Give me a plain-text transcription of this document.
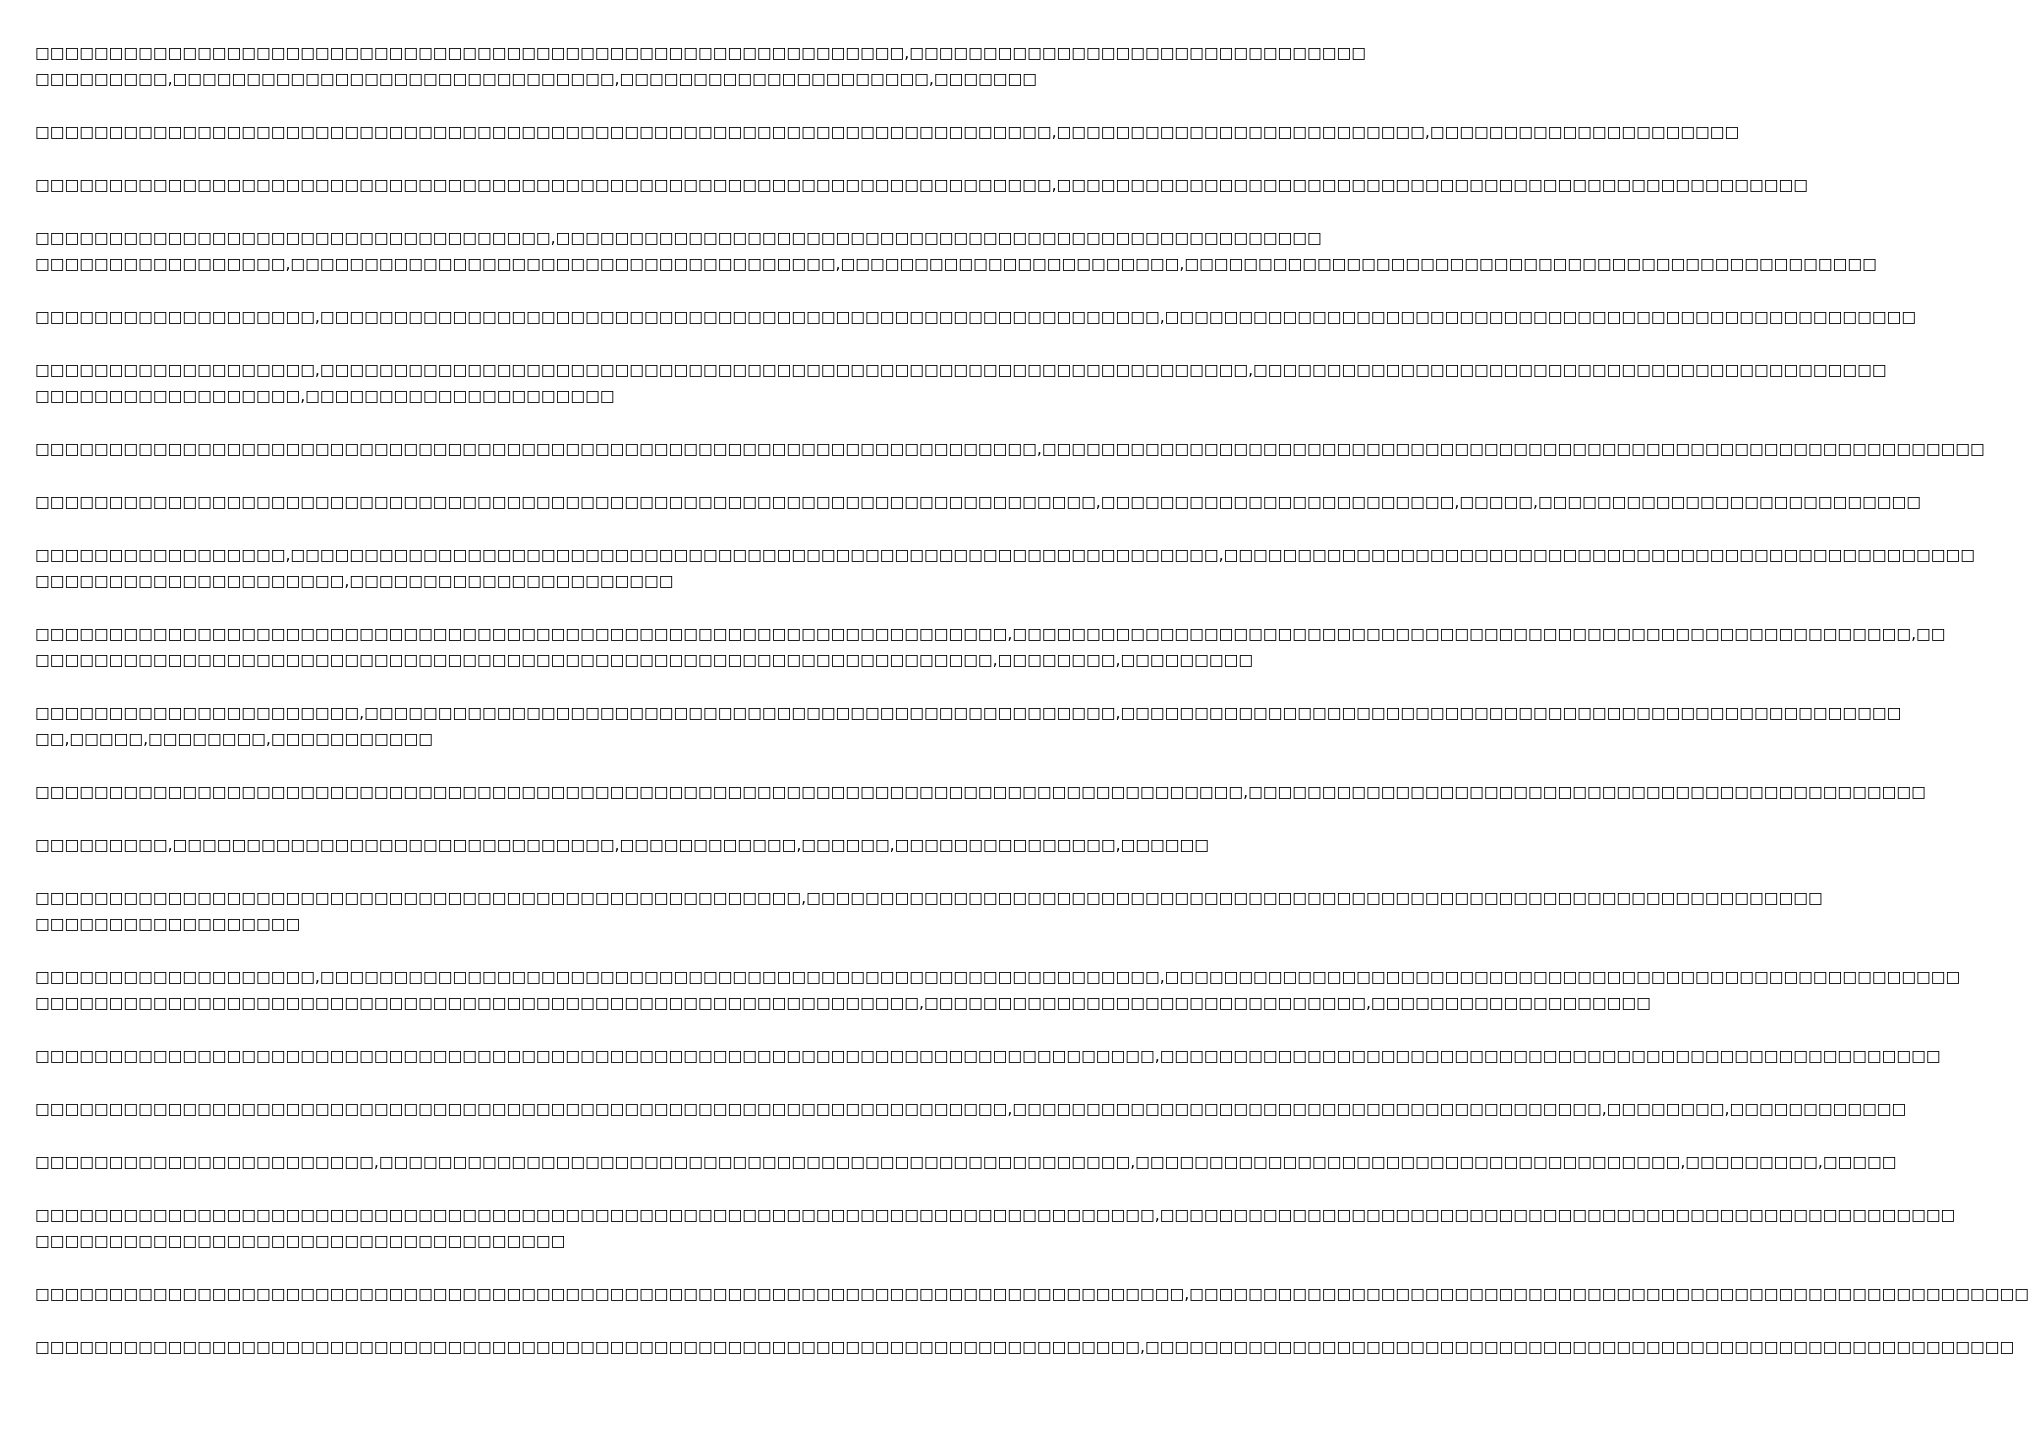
□□□□□□□□□□□□□□□□□□□□□□□□□□□□□□□□□□□□□□□□□□□□□□□□□□□□□□□□□□□,□□□□□□□□□□□□□□□□□□□□□□□□□□□□□□□
□□□□□□□□□,□□□□□□□□□□□□□□□□□□□□□□□□□□□□□□,□□□□□□□□□□□□□□□□□□□□□,□□□□□□□
□□□□□□□□□□□□□□□□□□□□□□□□□□□□□□□□□□□□□□□□□□□□□□□□□□□□□□□□□□□□□□□□□□□□□,□□□□□□□□□□□□□□□□□□□□□□□□□,□□□□□□□□□□□□□□□□□□□□□
□□□□□□□□□□□□□□□□□□□□□□□□□□□□□□□□□□□□□□□□□□□□□□□□□□□□□□□□□□□□□□□□□□□□□,□□□□□□□□□□□□□□□□□□□□□□□□□□□□□□□□□□□□□□□□□□□□□□□□□□□
□□□□□□□□□□□□□□□□□□□□□□□□□□□□□□□□□□□,□□□□□□□□□□□□□□□□□□□□□□□□□□□□□□□□□□□□□□□□□□□□□□□□□□□□
□□□□□□□□□□□□□□□□□,□□□□□□□□□□□□□□□□□□□□□□□□□□□□□□□□□□□□□,□□□□□□□□□□□□□□□□□□□□□□□,□□□□□□□□□□□□□□□□□□□□□□□□□□□□□□□□□□□□□□□□□□□□□□□
□□□□□□□□□□□□□□□□□□□,□□□□□□□□□□□□□□□□□□□□□□□□□□□□□□□□□□□□□□□□□□□□□□□□□□□□□□□□□,□□□□□□□□□□□□□□□□□□□□□□□□□□□□□□□□□□□□□□□□□□□□□□□□□□□
□□□□□□□□□□□□□□□□□□□,□□□□□□□□□□□□□□□□□□□□□□□□□□□□□□□□□□□□□□□□□□□□□□□□□□□□□□□□□□□□□□□,□□□□□□□□□□□□□□□□□□□□□□□□□□□□□□□□□□□□□□□□□□□
□□□□□□□□□□□□□□□□□□,□□□□□□□□□□□□□□□□□□□□□
□□□□□□□□□□□□□□□□□□□□□□□□□□□□□□□□□□□□□□□□□□□□□□□□□□□□□□□□□□□□□□□□□□□□,□□□□□□□□□□□□□□□□□□□□□□□□□□□□□□□□□□□□□□□□□□□□□□□□□□□□□□□□□□□□□□□□
□□□□□□□□□□□□□□□□□□□□□□□□□□□□□□□□□□□□□□□□□□□□□□□□□□□□□□□□□□□□□□□□□□□□□□□□,□□□□□□□□□□□□□□□□□□□□□□□□,□□□□□,□□□□□□□□□□□□□□□□□□□□□□□□□□
□□□□□□□□□□□□□□□□□,□□□□□□□□□□□□□□□□□□□□□□□□□□□□□□□□□□□□□□□□□□□□□□□□□□□□□□□□□□□□□□□,□□□□□□□□□□□□□□□□□□□□□□□□□□□□□□□□□□□□□□□□□□□□□□□□□□□
□□□□□□□□□□□□□□□□□□□□□,□□□□□□□□□□□□□□□□□□□□□□
□□□□□□□□□□□□□□□□□□□□□□□□□□□□□□□□□□□□□□□□□□□□□□□□□□□□□□□□□□□□□□□□□□,□□□□□□□□□□□□□□□□□□□□□□□□□□□□□□□□□□□□□□□□□□□□□□□□□□□□□□□□□□□□□,□□
□□□□□□□□□□□□□□□□□□□□□□□□□□□□□□□□□□□□□□□□□□□□□□□□□□□□□□□□□□□□□□□□□,□□□□□□□□,□□□□□□□□□
□□□□□□□□□□□□□□□□□□□□□□,□□□□□□□□□□□□□□□□□□□□□□□□□□□□□□□□□□□□□□□□□□□□□□□□□□□,□□□□□□□□□□□□□□□□□□□□□□□□□□□□□□□□□□□□□□□□□□□□□□□□□□□□□
□□,□□□□□,□□□□□□□□,□□□□□□□□□□□
□□□□□□□□□□□□□□□□□□□□□□□□□□□□□□□□□□□□□□□□□□□□□□□□□□□□□□□□□□□□□□□□□□□□□□□□□□□□□□□□□□,□□□□□□□□□□□□□□□□□□□□□□□□□□□□□□□□□□□□□□□□□□□□□□
□□□□□□□□□,□□□□□□□□□□□□□□□□□□□□□□□□□□□□□□,□□□□□□□□□□□□,□□□□□□,□□□□□□□□□□□□□□□,□□□□□□
□□□□□□□□□□□□□□□□□□□□□□□□□□□□□□□□□□□□□□□□□□□□□□□□□□□□,□□□□□□□□□□□□□□□□□□□□□□□□□□□□□□□□□□□□□□□□□□□□□□□□□□□□□□□□□□□□□□□□□□□□□
□□□□□□□□□□□□□□□□□□
□□□□□□□□□□□□□□□□□□□,□□□□□□□□□□□□□□□□□□□□□□□□□□□□□□□□□□□□□□□□□□□□□□□□□□□□□□□□□,□□□□□□□□□□□□□□□□□□□□□□□□□□□□□□□□□□□□□□□□□□□□□□□□□□□□□□
□□□□□□□□□□□□□□□□□□□□□□□□□□□□□□□□□□□□□□□□□□□□□□□□□□□□□□□□□□□□,□□□□□□□□□□□□□□□□□□□□□□□□□□□□□□,□□□□□□□□□□□□□□□□□□□
□□□□□□□□□□□□□□□□□□□□□□□□□□□□□□□□□□□□□□□□□□□□□□□□□□□□□□□□□□□□□□□□□□□□□□□□□□□□,□□□□□□□□□□□□□□□□□□□□□□□□□□□□□□□□□□□□□□□□□□□□□□□□□□□□□
□□□□□□□□□□□□□□□□□□□□□□□□□□□□□□□□□□□□□□□□□□□□□□□□□□□□□□□□□□□□□□□□□□,□□□□□□□□□□□□□□□□□□□□□□□□□□□□□□□□□□□□□□□□,□□□□□□□□,□□□□□□□□□□□□
□□□□□□□□□□□□□□□□□□□□□□□,□□□□□□□□□□□□□□□□□□□□□□□□□□□□□□□□□□□□□□□□□□□□□□□□□□□,□□□□□□□□□□□□□□□□□□□□□□□□□□□□□□□□□□□□□,□□□□□□□□□,□□□□□
□□□□□□□□□□□□□□□□□□□□□□□□□□□□□□□□□□□□□□□□□□□□□□□□□□□□□□□□□□□□□□□□□□□□□□□□□□□□,□□□□□□□□□□□□□□□□□□□□□□□□□□□□□□□□□□□□□□□□□□□□□□□□□□□□□□
□□□□□□□□□□□□□□□□□□□□□□□□□□□□□□□□□□□□
□□□□□□□□□□□□□□□□□□□□□□□□□□□□□□□□□□□□□□□□□□□□□□□□□□□□□□□□□□□□□□□□□□□□□□□□□□□□□□,□□□□□□□□□□□□□□□□□□□□□□□□□□□□□□□□□□□□□□□□□□□□□□□□□□□□□□□□□
□□□□□□□□□□□□□□□□□□□□□□□□□□□□□□□□□□□□□□□□□□□□□□□□□□□□□□□□□□□□□□□□□□□□□□□□□□□,□□□□□□□□□□□□□□□□□□□□□□□□□□□□□□□□□□□□□□□□□□□□□□□□□□□□□□□□□□□
